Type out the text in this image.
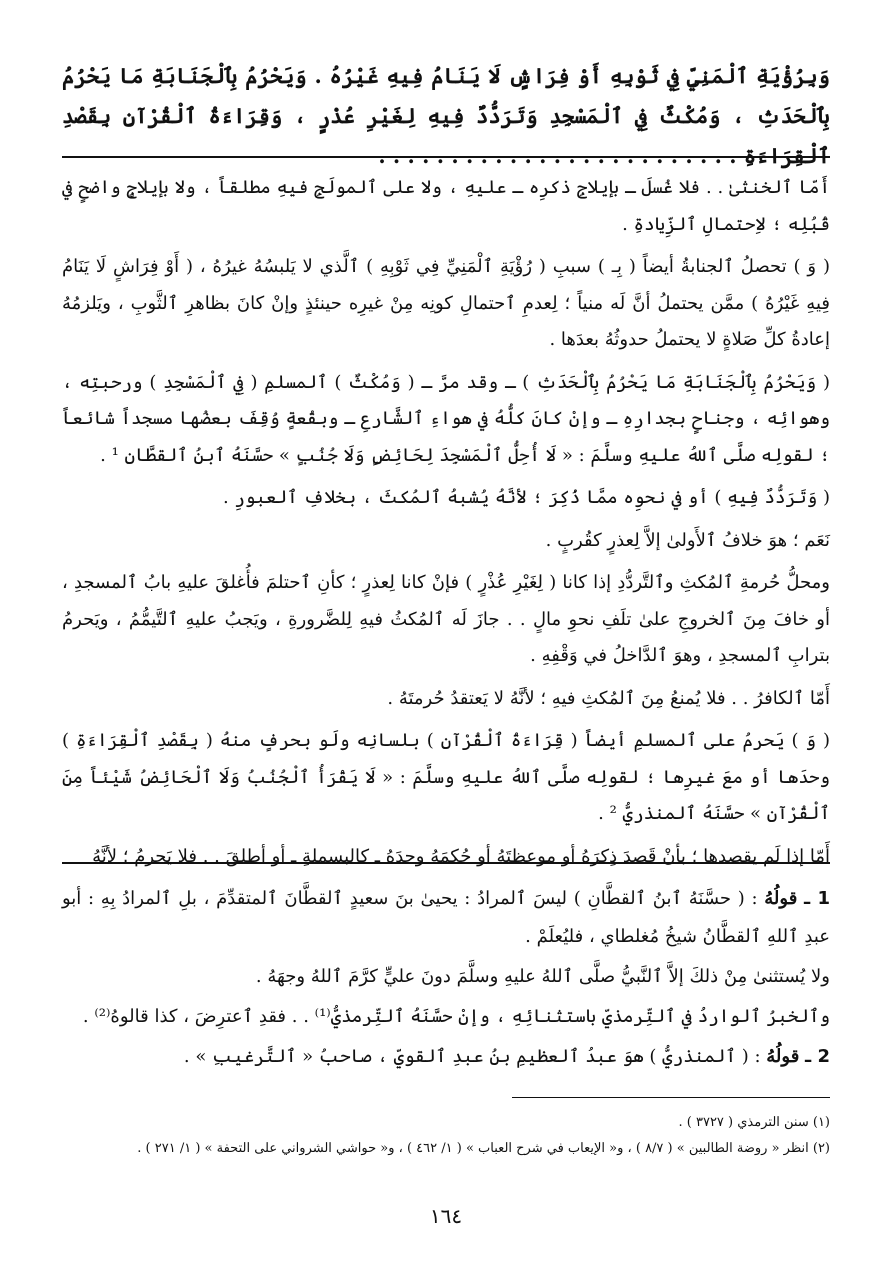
وَبِرُؤْيَةِ ٱلْمَنِيِّ فِي ثَوْبِهِ أَوْ فِرَاشٍ لَا يَنَامُ فِيهِ غَيْرُهُ . وَيَحْرُمُ بِٱلْجَنَابَةِ مَا يَحْرُمُ بِٱلْحَدَثِ ، وَمُكْثٌ فِي ٱلْمَسْجِدِ وَتَرَدُّدٌ فِيهِ لِغَيْرِ عُذْرٍ ، وَقِرَاءَةُ ٱلْقُرْآنِ بِقَصْدِ ٱلْقِرَاءَةِ . . . . . . . . . . . . . . . . . . . . . . . . .

أَمّا ٱلخنثىٰ . . فلا غُسلَ ـ بإيلاجِ ذكرِه ـ عليهِ ، ولا على ٱلمولَجِ فيهِ مطلقاً ، ولا بإيلاجٍ واضحٍ في قُبُلِه ؛ لاِحتمالِ ٱلزِّيادةِ .

( وَ ) تحصلُ ٱلجنابةُ أيضاً ( بِـ ) سببِ ( رُؤْيَةِ ٱلْمَنِيِّ فِي ثَوْبِهِ ) ٱلَّذي لا يَلبسُهُ غيرُهُ ، ( أَوْ فِرَاشٍ لَا يَنَامُ فِيهِ غَيْرُهُ ) ممَّن يحتملُ أنَّ لَه منياً ؛ لِعدمِ ٱحتمالِ كونِه مِنْ غيرِه حينئذٍ وإنْ كانَ بظاهرِ ٱلثَّوبِ ، ويَلزمُهُ إعادةُ كلِّ صَلاةٍ لا يحتملُ حدوثُهُ بعدَها .

( وَيَحْرُمُ بِٱلْجَنَابَةِ مَا يَحْرُمُ بِٱلْحَدَثِ ) ـ وقد مرَّ ـ ( وَمُكْثٌ ) ٱلمسلمِ ( فِي ٱلْمَسْجِدِ ) ورحبتِه ، وهوائِه ، وجناحٍ بجدارِهِ ـ وإنْ كانَ كلُّهُ في هواءِ ٱلشَّارعِ ـ وبقُعةٍ وُقِفَ بعضُها مسجداً شائعاً ؛ لقولِه صلَّى ٱللهُ عليهِ وسلَّمَ : « لَا أُحِلُّ ٱلْمَسْجِدَ لِحَائِضٍ وَلَا جُنُبٍ » حسَّنَهُ ٱبنُ ٱلقطَّانِ ¹ .

( وَتَرَدُّدٌ فِيهِ ) أو في نحوِه ممَّا ذُكِرَ ؛ لأنَّهُ يُشبهُ ٱلمُكثَ ، بخلافِ ٱلعبورِ .

نَعَم ؛ هوَ خلافُ ٱلأَولىٰ إلاَّ لِعذرٍ كقُربٍ .

ومحلُّ حُرمةِ ٱلمُكثِ وٱلتَّردُّدِ إذا كانا ( لِغَيْرِ عُذْرٍ ) فإنْ كانا لِعذرٍ ؛ كأنِ ٱحتلمَ فأُغلقَ عليهِ بابُ ٱلمسجدِ ، أو خافَ مِنَ ٱلخروجِ علىٰ تلَفِ نحوِ مالٍ . . جازَ لَه ٱلمُكثُ فيهِ لِلضَّرورةِ ، ويَجبُ عليهِ ٱلتَّيمُّمُ ، ويَحرمُ بترابِ ٱلمسجدِ ، وهوَ ٱلدَّاخلُ في وَقْفِهِ .

أَمّا ٱلكافرُ . . فلا يُمنعُ مِنَ ٱلمُكثِ فيهِ ؛ لأنَّهُ لا يَعتقدُ حُرمتَهُ .

( وَ ) يَحرمُ على ٱلمسلمِ أيضاً ( قِرَاءَةُ ٱلْقُرْآنِ ) بلسانِه ولَو بحرفٍ منهُ ( بِقَصْدِ ٱلْقِرَاءَةِ ) وحدَها أو معَ غيرِها ؛ لقولِه صلَّى ٱللهُ عليهِ وسلَّمَ : « لَا يَقْرَأُ ٱلْجُنُبُ وَلَا ٱلْحَائِضُ شَيْئاً مِنَ ٱلْقُرْآنِ » حسَّنَهُ ٱلمنذريُّ ² .

أَمّا إذا لَم يقصدها ؛ بأنْ قَصدَ ذِكرَهُ أو موعظتَهُ أو حُكمَهُ وحدَهُ ـ كالبسملةِ ـ أو أطلقَ . . فلا يَحرمُ ؛ لأنَّهُ

1 ـ قولُهُ : ( حسَّنَهُ ٱبنُ ٱلقطَّانِ ) ليسَ ٱلمرادُ : يحيىٰ بنَ سعيدٍ ٱلقطَّانَ ٱلمتقدِّمَ ، بلِ ٱلمرادُ بِهِ : أبو عبدِ ٱللهِ ٱلقطَّانُ شيخُ مُغلطاي ، فليُعلَمْ .

ولا يُستثنىٰ مِنْ ذلكَ إلاَّ ٱلنَّبيُّ صلَّى ٱللهُ عليهِ وسلَّمَ دونَ عليٍّ كرَّمَ ٱللهُ وجهَهُ .

وٱلخبرُ ٱلواردُ في ٱلتِّرمذيِّ باستثنائِهِ ، وإنْ حسَّنَهُ ٱلتِّرمذيُّ⁽¹⁾ . . فقدِ ٱعترِضَ ، كذا قالوهُ⁽²⁾ .

2 ـ قولُهُ : ( ٱلمنذريُّ ) هوَ عبدُ ٱلعظيمِ بنُ عبدِ ٱلقويِّ ، صاحبُ « ٱلتَّرغيبِ » .

(١) سنن الترمذي ( ٣٧٢٧ ) .

(٢) انظر « روضة الطالبين » ( ٨/٧ ) ، و« الإيعاب في شرح العباب » ( ١/ ٤٦٢ ) ، و« حواشي الشرواني على التحفة » ( ١/ ٢٧١ ) .

١٦٤
